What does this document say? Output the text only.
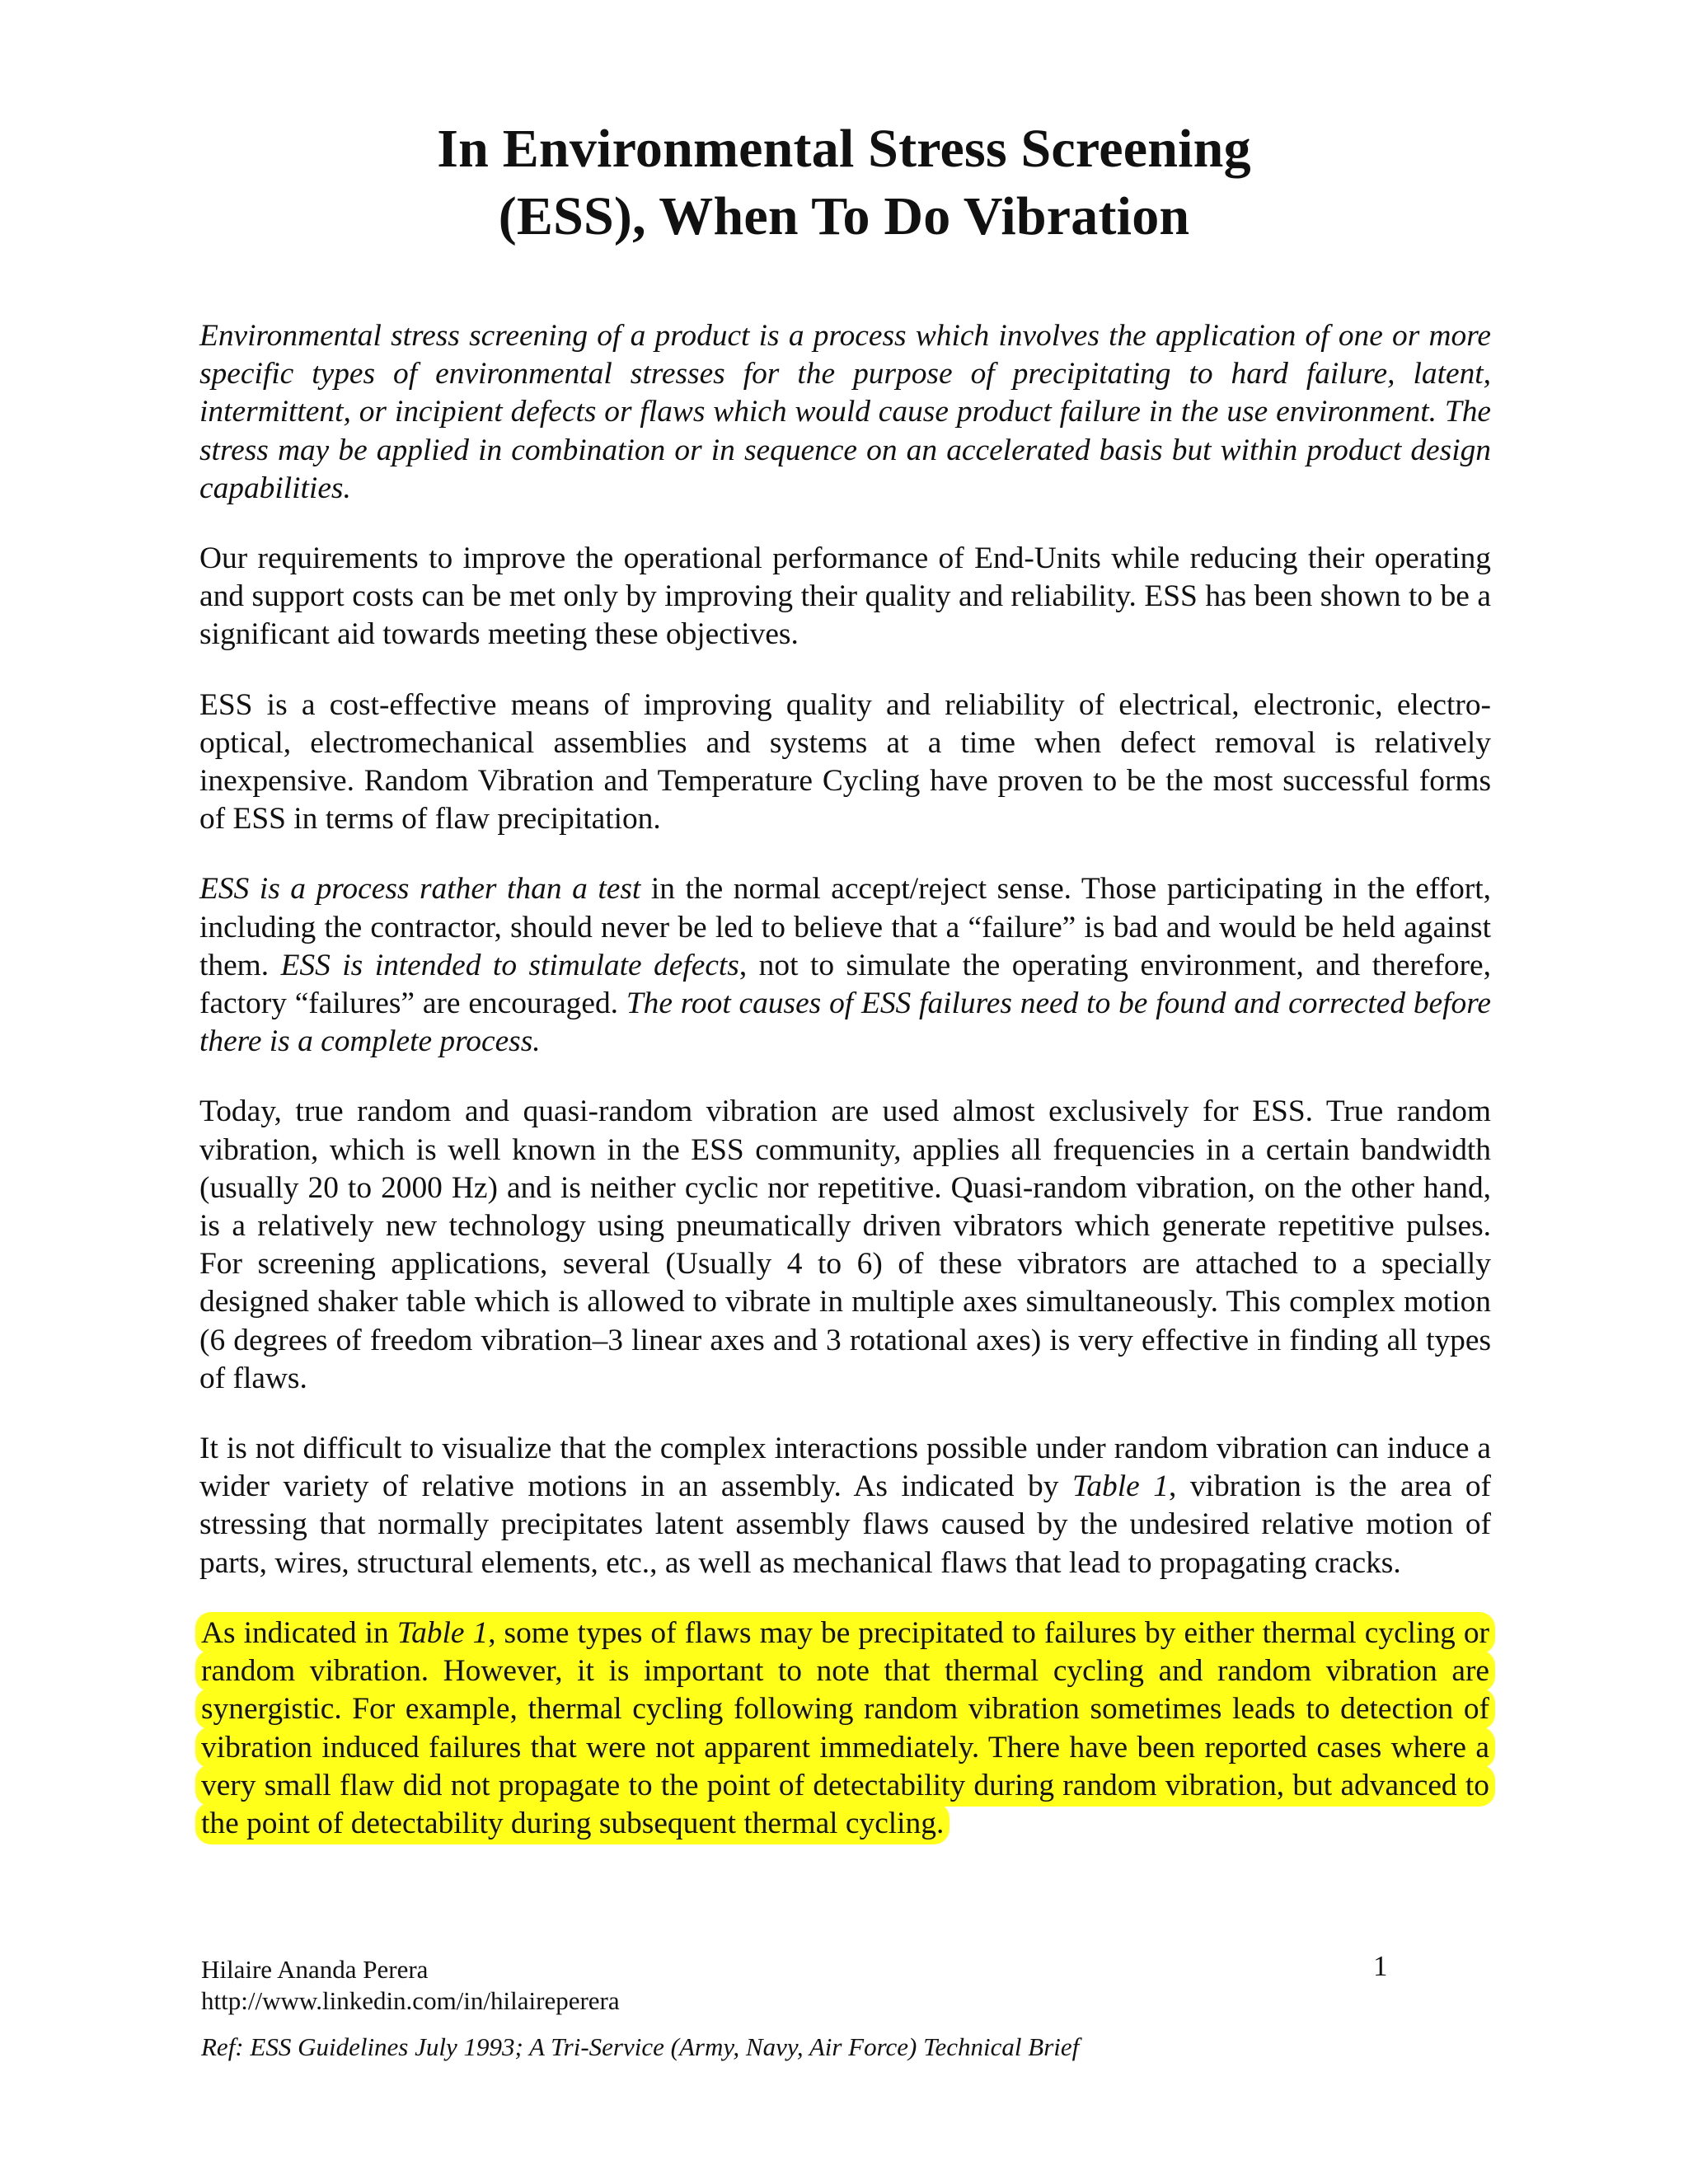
In Environmental Stress Screening
(ESS), When To Do Vibration

Environmental stress screening of a product is a process which involves the application of one or more specific types of environmental stresses for the purpose of precipitating to hard failure, latent, intermittent, or incipient defects or flaws which would cause product failure in the use environment. The stress may be applied in combination or in sequence on an accelerated basis but within product design capabilities.

Our requirements to improve the operational performance of End-Units while reducing their operating and support costs can be met only by improving their quality and reliability. ESS has been shown to be a significant aid towards meeting these objectives.

ESS is a cost-effective means of improving quality and reliability of electrical, electronic, electro-optical, electromechanical assemblies and systems at a time when defect removal is relatively inexpensive. Random Vibration and Temperature Cycling have proven to be the most successful forms of ESS in terms of flaw precipitation.

ESS is a process rather than a test in the normal accept/reject sense. Those participating in the effort, including the contractor, should never be led to believe that a “failure” is bad and would be held against them. ESS is intended to stimulate defects, not to simulate the operating environment, and therefore, factory “failures” are encouraged. The root causes of ESS failures need to be found and corrected before there is a complete process.

Today, true random and quasi-random vibration are used almost exclusively for ESS. True random vibration, which is well known in the ESS community, applies all frequencies in a certain bandwidth (usually 20 to 2000 Hz) and is neither cyclic nor repetitive. Quasi-random vibration, on the other hand, is a relatively new technology using pneumatically driven vibrators which generate repetitive pulses. For screening applications, several (Usually 4 to 6) of these vibrators are attached to a specially designed shaker table which is allowed to vibrate in multiple axes simultaneously. This complex motion (6 degrees of freedom vibration–3 linear axes and 3 rotational axes) is very effective in finding all types of flaws.

It is not difficult to visualize that the complex interactions possible under random vibration can induce a wider variety of relative motions in an assembly. As indicated by Table 1, vibration is the area of stressing that normally precipitates latent assembly flaws caused by the undesired relative motion of parts, wires, structural elements, etc., as well as mechanical flaws that lead to propagating cracks.

As indicated in Table 1, some types of flaws may be precipitated to failures by either thermal cycling or random vibration. However, it is important to note that thermal cycling and random vibration are synergistic. For example, thermal cycling following random vibration sometimes leads to detection of vibration induced failures that were not apparent immediately. There have been reported cases where a very small flaw did not propagate to the point of detectability during random vibration, but advanced to the point of detectability during subsequent thermal cycling.

Hilaire Ananda Perera
http://www.linkedin.com/in/hilaireperera
1
Ref: ESS Guidelines July 1993; A Tri-Service (Army, Navy, Air Force) Technical Brief
